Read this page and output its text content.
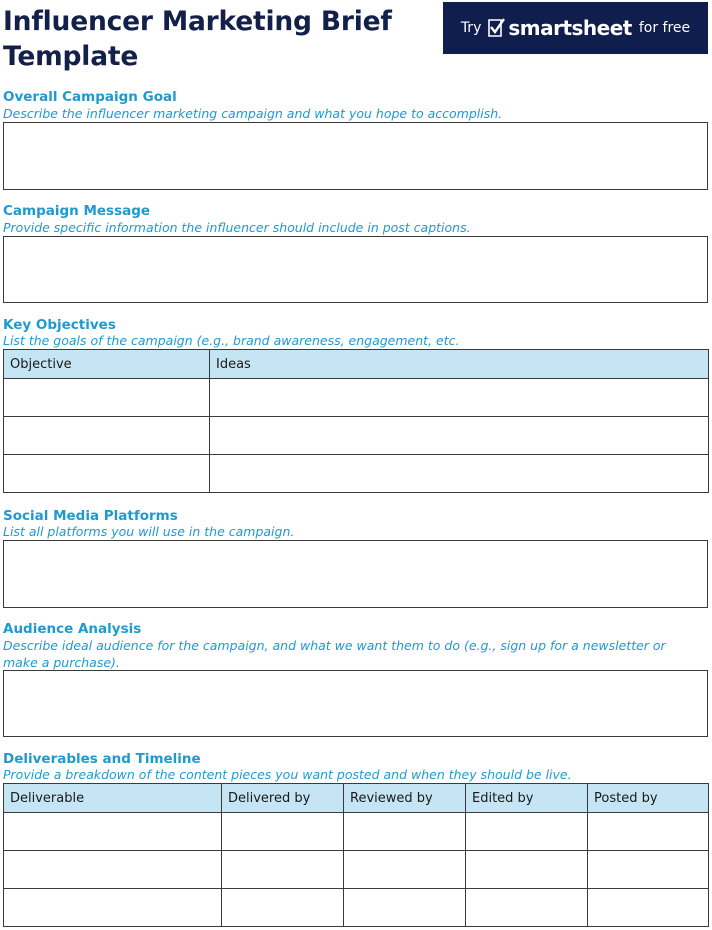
Influencer Marketing Brief
Template
Try smartsheet for free
Overall Campaign Goal
Describe the influencer marketing campaign and what you hope to accomplish.
Campaign Message
Provide specific information the influencer should include in post captions.
Key Objectives
List the goals of the campaign (e.g., brand awareness, engagement, etc.
Objective	Ideas

Social Media Platforms
List all platforms you will use in the campaign.
Audience Analysis
Describe ideal audience for the campaign, and what we want them to do (e.g., sign up for a newsletter or make a purchase).
Deliverables and Timeline
Provide a breakdown of the content pieces you want posted and when they should be live.
Deliverable	Delivered by	Reviewed by	Edited by	Posted by
